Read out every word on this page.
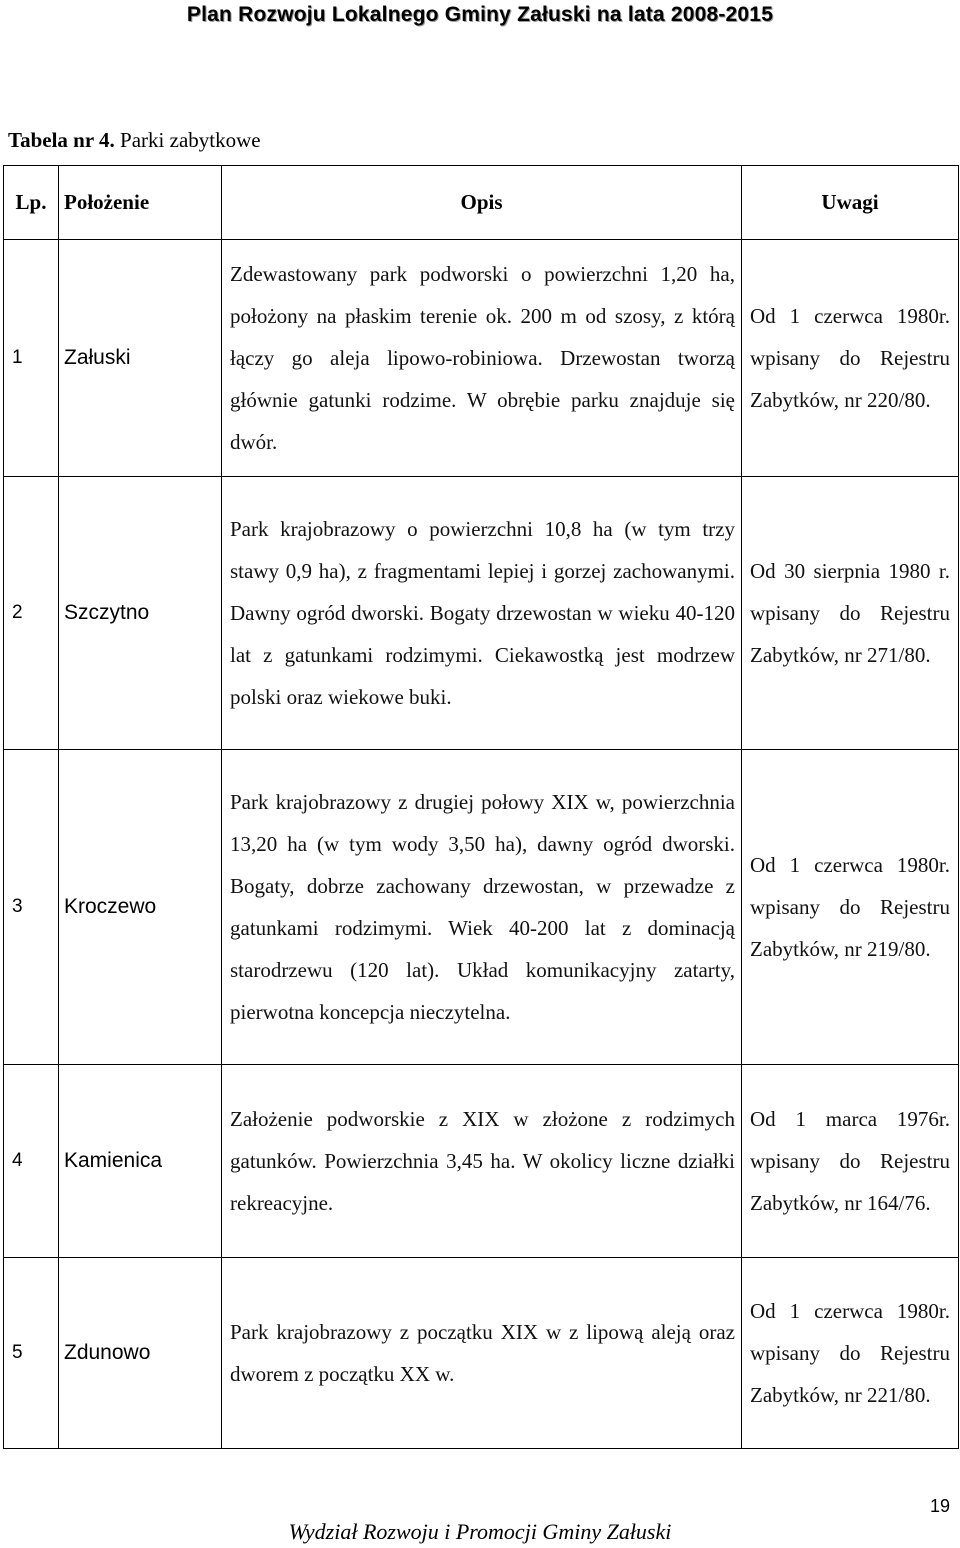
Plan Rozwoju Lokalnego Gminy Załuski na lata 2008-2015
Tabela nr 4. Parki zabytkowe
Lp.	Położenie	Opis	Uwagi
1	Załuski	Zdewastowany park podworski o powierzchni 1,20 ha, położony na płaskim terenie ok. 200 m od szosy, z którą łączy go aleja lipowo-robiniowa. Drzewostan tworzą głównie gatunki rodzime. W obrębie parku znajduje się dwór.	Od 1 czerwca 1980r. wpisany do Rejestru Zabytków, nr 220/80.
2	Szczytno	Park krajobrazowy o powierzchni 10,8 ha (w tym trzy stawy 0,9 ha), z fragmentami lepiej i gorzej zachowanymi. Dawny ogród dworski. Bogaty drzewostan w wieku 40-120 lat z gatunkami rodzimymi. Ciekawostką jest modrzew polski oraz wiekowe buki.	Od 30 sierpnia 1980 r. wpisany do Rejestru Zabytków, nr 271/80.
3	Kroczewo	Park krajobrazowy z drugiej połowy XIX w, powierzchnia 13,20 ha (w tym wody 3,50 ha), dawny ogród dworski. Bogaty, dobrze zachowany drzewostan, w przewadze z gatunkami rodzimymi. Wiek 40-200 lat z dominacją starodrzewu (120 lat). Układ komunikacyjny zatarty, pierwotna koncepcja nieczytelna.	Od 1 czerwca 1980r. wpisany do Rejestru Zabytków, nr 219/80.
4	Kamienica	Założenie podworskie z XIX w złożone z rodzimych gatunków. Powierzchnia 3,45 ha. W okolicy liczne działki rekreacyjne.	Od 1 marca 1976r. wpisany do Rejestru Zabytków, nr 164/76.
5	Zdunowo	Park krajobrazowy z początku XIX w z lipową aleją oraz dworem z początku XX w.	Od 1 czerwca 1980r. wpisany do Rejestru Zabytków, nr 221/80.
19
Wydział Rozwoju i Promocji Gminy Załuski
